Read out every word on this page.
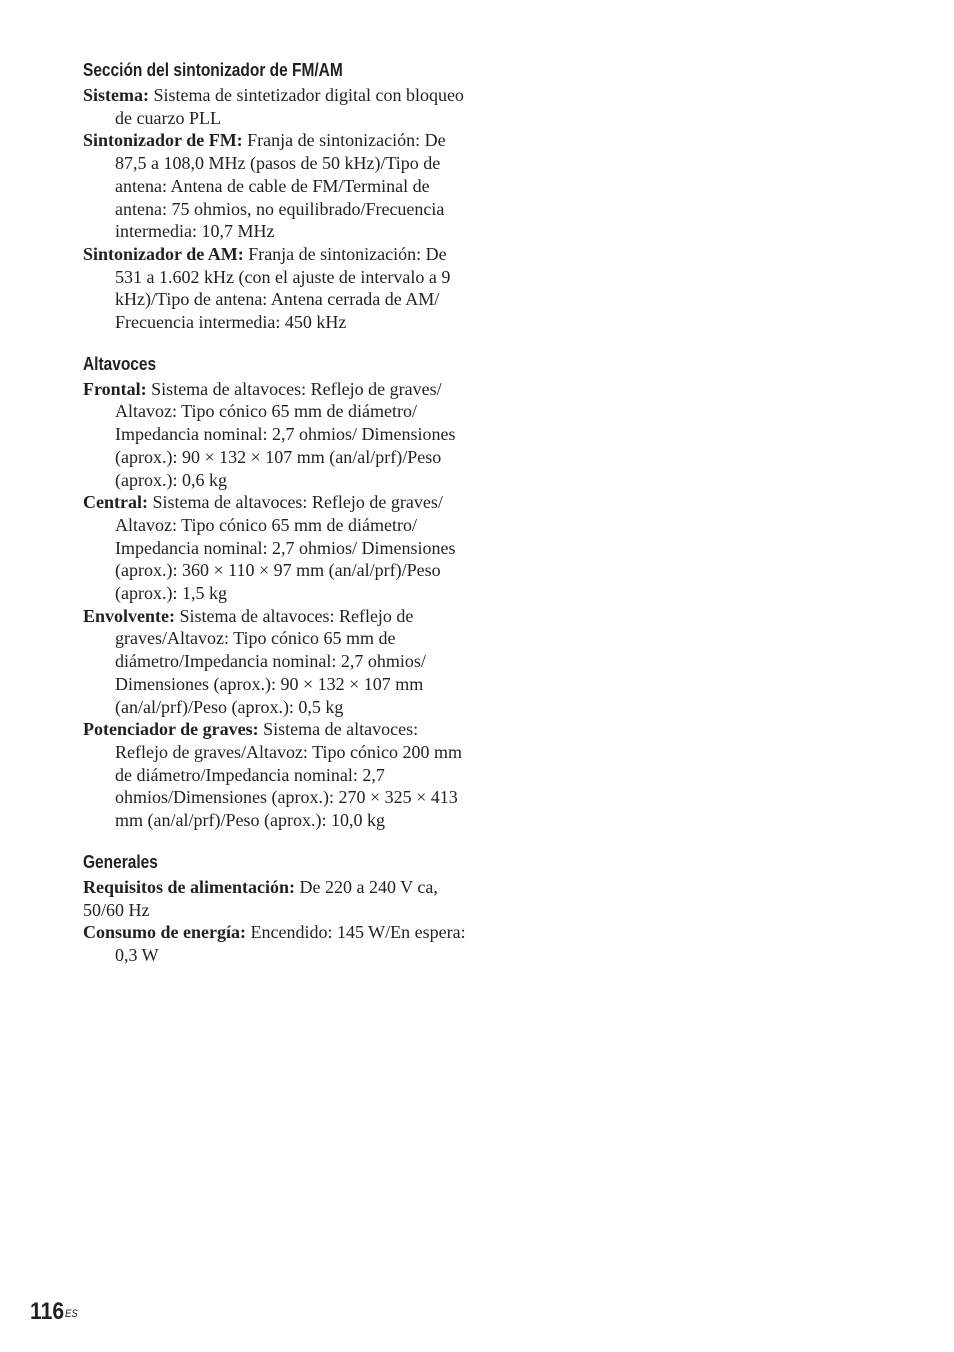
Sección del sintonizador de FM/AM

Sistema: Sistema de sintetizador digital con bloqueo de cuarzo PLL

Sintonizador de FM: Franja de sintonización: De 87,5 a 108,0 MHz (pasos de 50 kHz)/Tipo de antena: Antena de cable de FM/Terminal de antena: 75 ohmios, no equilibrado/Frecuencia intermedia: 10,7 MHz

Sintonizador de AM: Franja de sintonización: De 531 a 1.602 kHz (con el ajuste de intervalo a 9 kHz)/Tipo de antena: Antena cerrada de AM/ Frecuencia intermedia: 450 kHz

Altavoces

Frontal: Sistema de altavoces: Reflejo de graves/ Altavoz: Tipo cónico 65 mm de diámetro/ Impedancia nominal: 2,7 ohmios/ Dimensiones (aprox.): 90 × 132 × 107 mm (an/al/prf)/Peso (aprox.): 0,6 kg

Central: Sistema de altavoces: Reflejo de graves/ Altavoz: Tipo cónico 65 mm de diámetro/ Impedancia nominal: 2,7 ohmios/ Dimensiones (aprox.): 360 × 110 × 97 mm (an/al/prf)/Peso (aprox.): 1,5 kg

Envolvente: Sistema de altavoces: Reflejo de graves/Altavoz: Tipo cónico 65 mm de diámetro/Impedancia nominal: 2,7 ohmios/ Dimensiones (aprox.): 90 × 132 × 107 mm (an/al/prf)/Peso (aprox.): 0,5 kg

Potenciador de graves: Sistema de altavoces: Reflejo de graves/Altavoz: Tipo cónico 200 mm de diámetro/Impedancia nominal: 2,7 ohmios/Dimensiones (aprox.): 270 × 325 × 413 mm (an/al/prf)/Peso (aprox.): 10,0 kg

Generales

Requisitos de alimentación: De 220 a 240 V ca, 50/60 Hz

Consumo de energía: Encendido: 145 W/En espera: 0,3 W

$116^{ES}$
